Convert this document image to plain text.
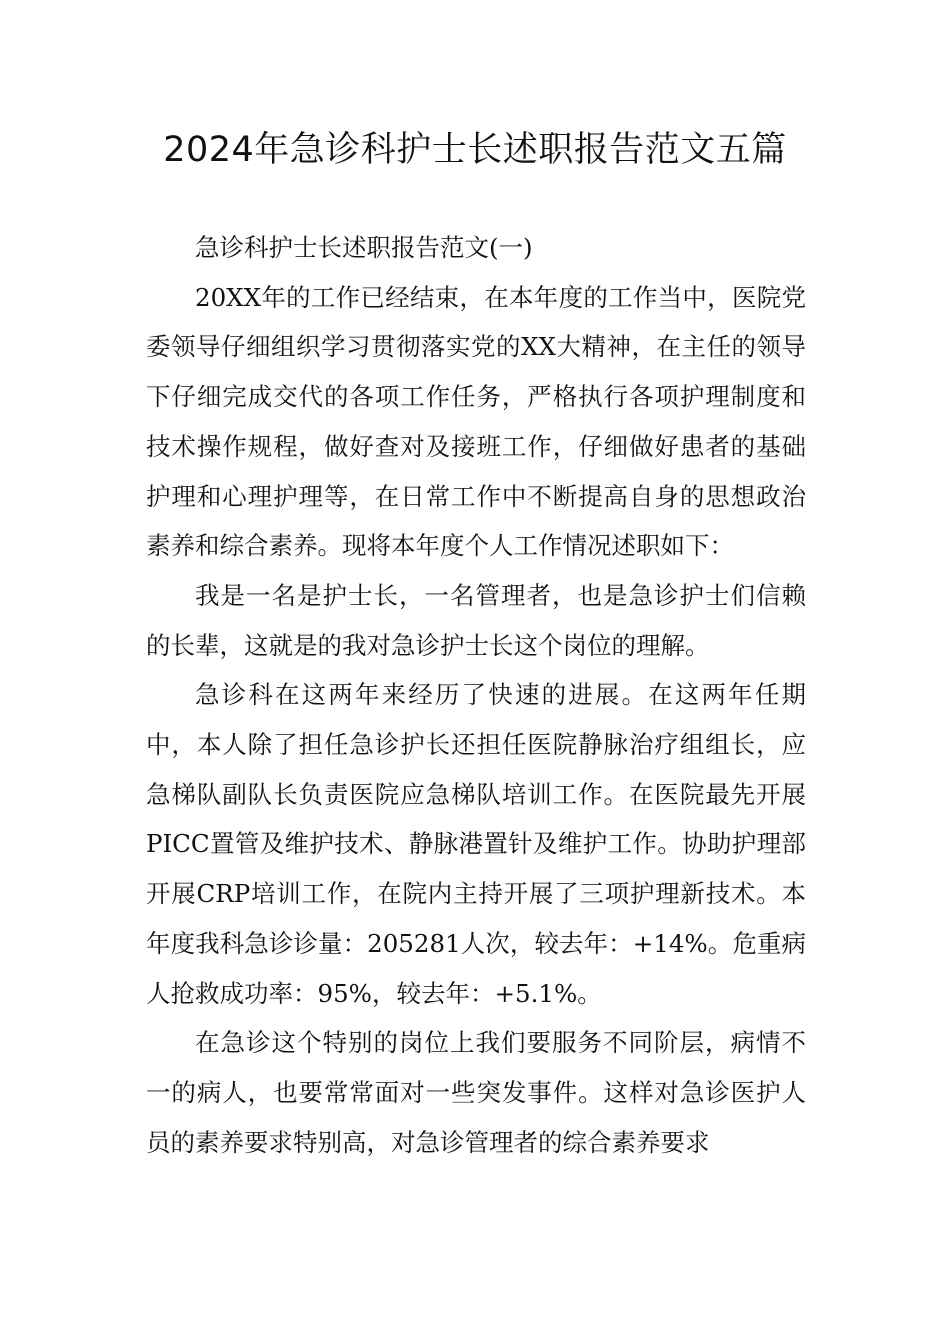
2024年急诊科护士长述职报告范文五篇

急诊科护士长述职报告范文(一)

20XX年的工作已经结束，在本年度的工作当中，医院党委领导仔细组织学习贯彻落实党的XX大精神，在主任的领导下仔细完成交代的各项工作任务，严格执行各项护理制度和技术操作规程，做好查对及接班工作，仔细做好患者的基础护理和心理护理等，在日常工作中不断提高自身的思想政治素养和综合素养。现将本年度个人工作情况述职如下：

我是一名是护士长，一名管理者，也是急诊护士们信赖的长辈，这就是的我对急诊护士长这个岗位的理解。

急诊科在这两年来经历了快速的进展。在这两年任期中，本人除了担任急诊护长还担任医院静脉治疗组组长，应急梯队副队长负责医院应急梯队培训工作。在医院最先开展PICC置管及维护技术、静脉港置针及维护工作。协助护理部开展CRP培训工作，在院内主持开展了三项护理新技术。本年度我科急诊诊量：205281人次，较去年：+14%。危重病人抢救成功率：95%，较去年：+5.1%。

在急诊这个特别的岗位上我们要服务不同阶层，病情不一的病人，也要常常面对一些突发事件。这样对急诊医护人员的素养要求特别高，对急诊管理者的综合素养要求
